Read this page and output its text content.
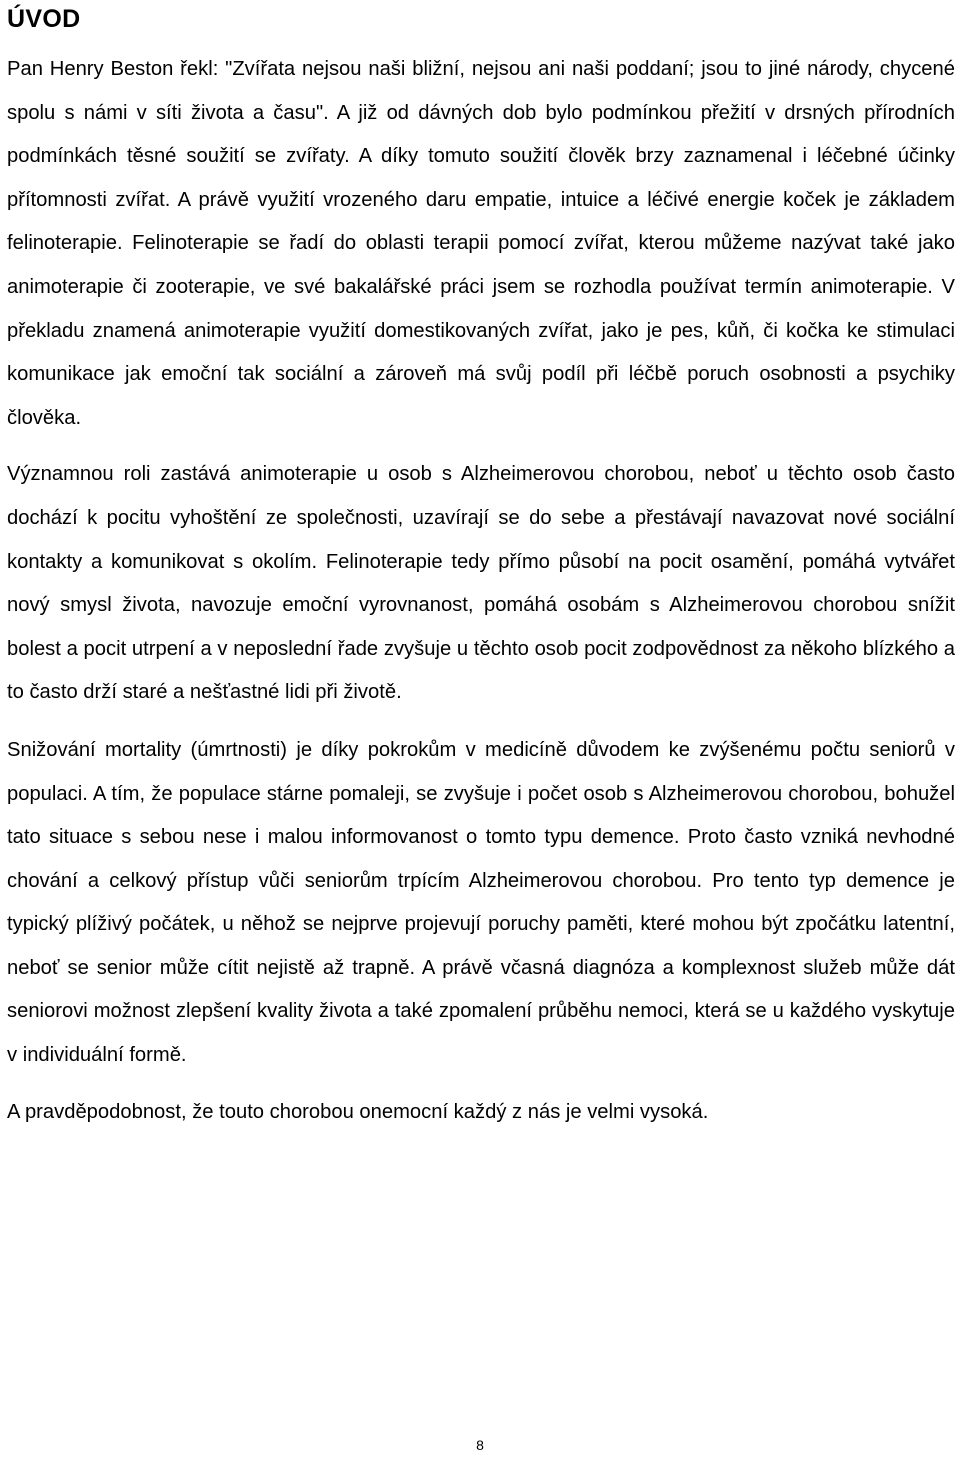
ÚVOD

Pan Henry Beston řekl: "Zvířata nejsou naši bližní, nejsou ani naši poddaní; jsou to jiné národy, chycené spolu s námi v síti života a času". A již od dávných dob bylo podmínkou přežití v drsných přírodních podmínkách těsné soužití se zvířaty. A díky tomuto soužití člověk brzy zaznamenal i léčebné účinky přítomnosti zvířat. A právě využití vrozeného daru empatie, intuice a léčivé energie koček je základem felinoterapie. Felinoterapie se řadí do oblasti terapii pomocí zvířat, kterou můžeme nazývat také jako animoterapie či zooterapie, ve své bakalářské práci jsem se rozhodla používat termín animoterapie. V překladu znamená animoterapie využití domestikovaných zvířat, jako je pes, kůň, či kočka ke stimulaci komunikace jak emoční tak sociální a zároveň má svůj podíl při léčbě poruch osobnosti a psychiky člověka.

Významnou roli zastává animoterapie u osob s Alzheimerovou chorobou, neboť u těchto osob často dochází k pocitu vyhoštění ze společnosti, uzavírají se do sebe a přestávají navazovat nové sociální kontakty a komunikovat s okolím. Felinoterapie tedy přímo působí na pocit osamění, pomáhá vytvářet nový smysl života, navozuje emoční vyrovnanost, pomáhá osobám s Alzheimerovou chorobou snížit bolest a pocit utrpení a v neposlední řade zvyšuje u těchto osob pocit zodpovědnost za někoho blízkého a to často drží staré a nešťastné lidi při životě.

Snižování mortality (úmrtnosti) je díky pokrokům v medicíně důvodem ke zvýšenému počtu seniorů v populaci. A tím, že populace stárne pomaleji, se zvyšuje i počet osob s Alzheimerovou chorobou, bohužel tato situace s sebou nese i malou informovanost o tomto typu demence. Proto často vzniká nevhodné chování a celkový přístup vůči seniorům trpícím Alzheimerovou chorobou. Pro tento typ demence je typický plíživý počátek, u něhož se nejprve projevují poruchy paměti, které mohou být zpočátku latentní, neboť se senior může cítit nejistě až trapně. A právě včasná diagnóza a komplexnost služeb může dát seniorovi možnost zlepšení kvality života a také zpomalení průběhu nemoci, která se u každého vyskytuje v individuální formě.

A pravděpodobnost, že touto chorobou onemocní každý z nás je velmi vysoká.

8
